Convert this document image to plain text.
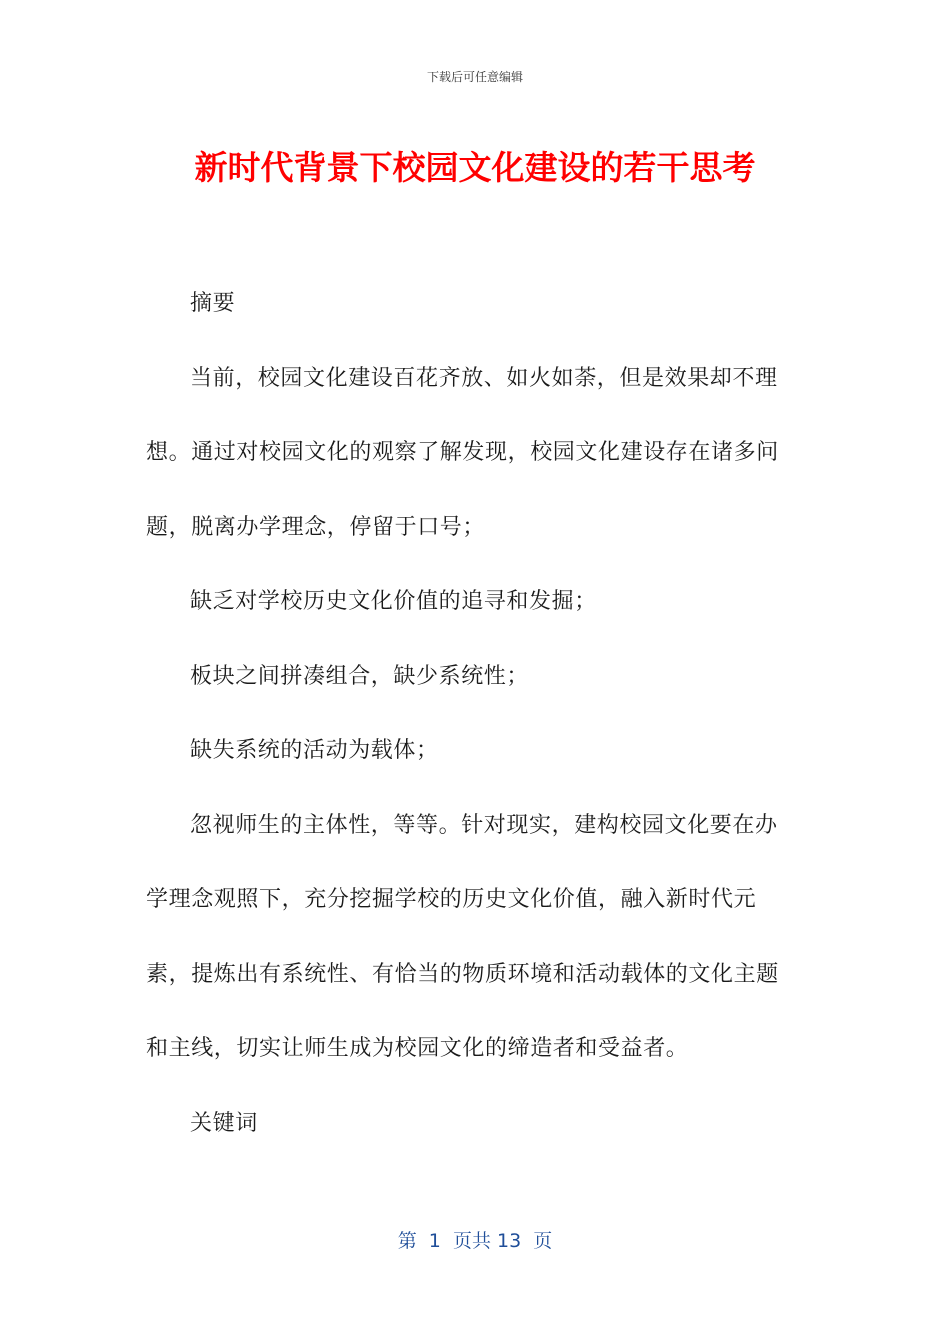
下载后可任意编辑
新时代背景下校园文化建设的若干思考

摘要

当前，校园文化建设百花齐放、如火如荼，但是效果却不理想。通过对校园文化的观察了解发现，校园文化建设存在诸多问题，脱离办学理念，停留于口号；

缺乏对学校历史文化价值的追寻和发掘；

板块之间拼凑组合，缺少系统性；

缺失系统的活动为载体；

忽视师生的主体性，等等。针对现实，建构校园文化要在办学理念观照下，充分挖掘学校的历史文化价值，融入新时代元素，提炼出有系统性、有恰当的物质环境和活动载体的文化主题和主线，切实让师生成为校园文化的缔造者和受益者。

关键词

第  1  页共 13  页
